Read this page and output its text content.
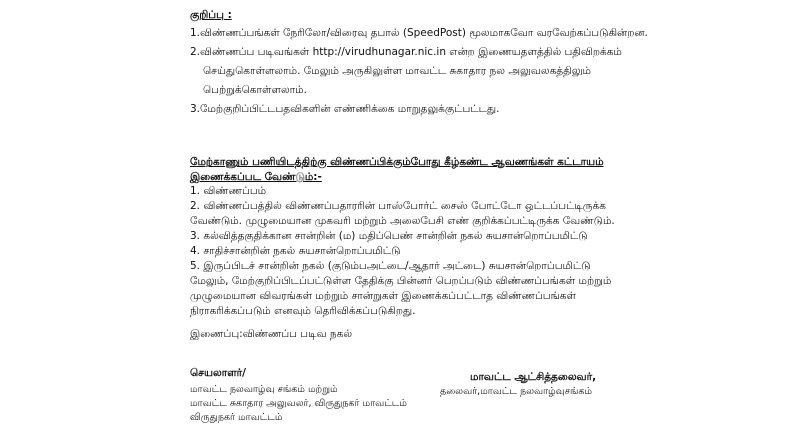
குறிப்பு :
1.விண்ணப்பங்கள் நேரிலோ/விரைவு தபால் (SpeedPost) மூலமாகவோ வரவேற்கப்படுகின்றன.
2.விண்ணப்ப படிவங்கள் http://virudhunagar.nic.in என்ற இணையதளத்தில் பதிவிறக்கம்
செய்துகொள்ளலாம். மேலும் அருகிலுள்ள மாவட்ட சுகாதார நல அலுவலகத்திலும்
பெற்றுக்கொள்ளலாம்.
3.மேற்குறிப்பிட்டபதவிகளின் எண்ணிக்கை மாறுதலுக்குட்பட்டது.
மேற்காணும் பணியிடத்திற்கு விண்ணப்பிக்கும்போது கீழ்கண்ட ஆவணங்கள் கட்டாயம்
இணைக்கப்பட வேண்டும்:-
1. விண்ணப்பம்
2. விண்ணப்பத்தில் விண்ணப்பதாரரின் பாஸ்போர்ட் சைஸ் போட்டோ ஒட்டப்பட்டிருக்க
வேண்டும். முழுமையான முகவரி மற்றும் அலைபேசி எண் குறிக்கப்பட்டிருக்க வேண்டும்.
3. கல்வித்தகுதிக்கான சான்றின் (ம) மதிப்பெண் சான்றின் நகல் சுயசான்றொப்பமிட்டு
4. சாதிச்சான்றின் நகல் சுயசான்றொப்பமிட்டு
5. இருப்பிடச் சான்றின் நகல் (குடும்பஅட்டை/ஆதார் அட்டை) சுயசான்றொப்பமிட்டு
மேலும், மேற்குறிப்பிடப்பட்டுள்ள தேதிக்கு பின்னர் பெறப்படும் விண்ணப்பங்கள் மற்றும்
முழுமையான விவரங்கள் மற்றும் சான்றுகள் இணைக்கப்பட்டாத விண்ணப்பங்கள்
நிராகரிக்கப்படும் எனவும் தெரிவிக்கப்படுகிறது.
இணைப்பு:விண்ணப்ப படிவ நகல்
செயலாளர்/
மாவட்ட நலவாழ்வு சங்கம் மற்றும்
மாவட்ட சுகாதார அலுவலர், விருதுநகர் மாவட்டம்
விருதுநகர் மாவட்டம்
மாவட்ட ஆட்சித்தலைவர்,
தலைவர்,மாவட்ட நலவாழ்வுசங்கம்
